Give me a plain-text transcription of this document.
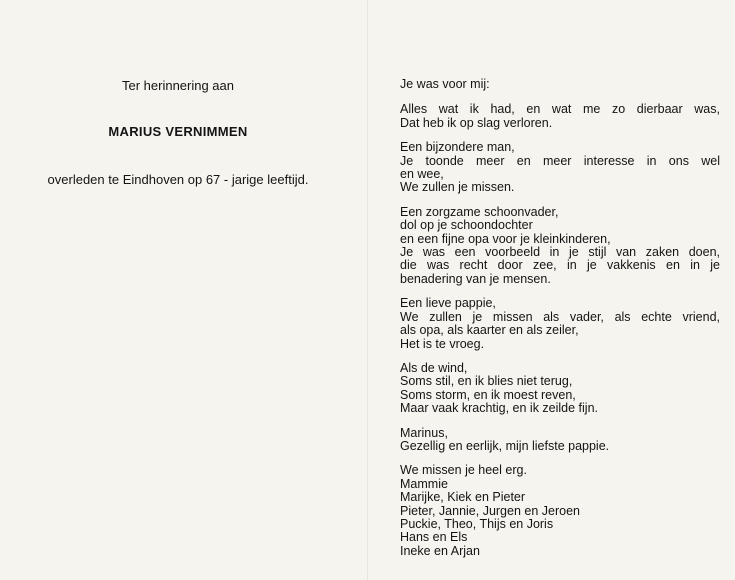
Ter herinnering aan
MARIUS VERNIMMEN
overleden te Eindhoven op 67 - jarige leeftijd.
Je was voor mij:
Alles wat ik had, en wat me zo dierbaar was,
Dat heb ik op slag verloren.
Een bijzondere man,
Je toonde meer en meer interesse in ons wel
en wee,
We zullen je missen.
Een zorgzame schoonvader,
dol op je schoondochter
en een fijne opa voor je kleinkinderen,
Je was een voorbeeld in je stijl van zaken doen,
die was recht door zee, in je vakkenis en in je
benadering van je mensen.
Een lieve pappie,
We zullen je missen als vader, als echte vriend,
als opa, als kaarter en als zeiler,
Het is te vroeg.
Als de wind,
Soms stil, en ik blies niet terug,
Soms storm, en ik moest reven,
Maar vaak krachtig, en ik zeilde fijn.
Marinus,
Gezellig en eerlijk, mijn liefste pappie.
We missen je heel erg.
Mammie
Marijke, Kiek en Pieter
Pieter, Jannie, Jurgen en Jeroen
Puckie, Theo, Thijs en Joris
Hans en Els
Ineke en Arjan
